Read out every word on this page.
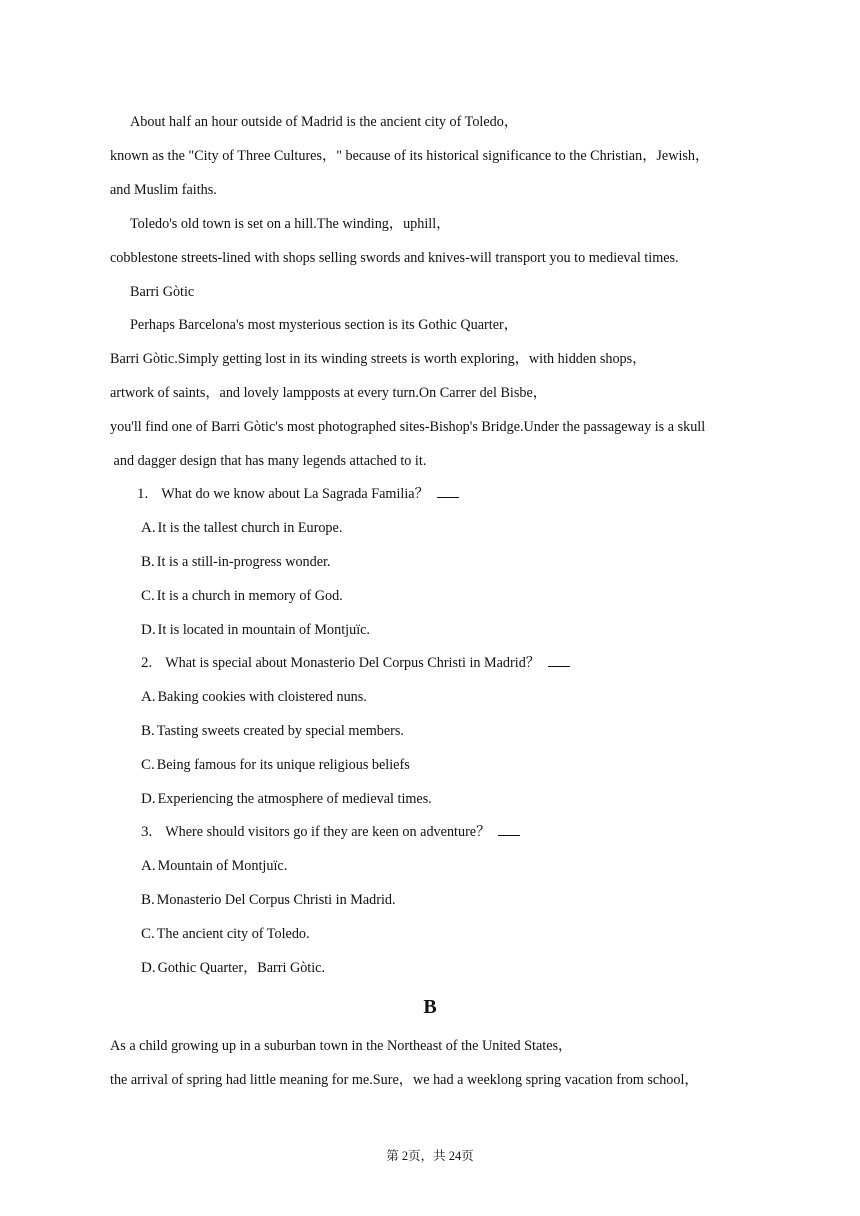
About half an hour outside of Madrid is the ancient city of Toledo，
known as the "City of Three Cultures，" because of its historical significance to the Christian，Jewish，
and Muslim faiths.
Toledo's old town is set on a hill.The winding，uphill，
cobblestone streets-lined with shops selling swords and knives-will transport you to medieval times.
Barri Gòtic
Perhaps Barcelona's most mysterious section is its Gothic Quarter，
Barri Gòtic.Simply getting lost in its winding streets is worth exploring，with hidden shops，
artwork of saints，and lovely lampposts at every turn.On Carrer del Bisbe，
you'll find one of Barri Gòtic's most photographed sites-Bishop's Bridge.Under the passageway is a skull
and dagger design that has many legends attached to it.
1. What do we know about La Sagrada Familia？
A. It is the tallest church in Europe.
B. It is a still-in-progress wonder.
C. It is a church in memory of God.
D. It is located in mountain of Montjuïc.
2. What is special about Monasterio Del Corpus Christi in Madrid？
A. Baking cookies with cloistered nuns.
B. Tasting sweets created by special members.
C. Being famous for its unique religious beliefs
D. Experiencing the atmosphere of medieval times.
3. Where should visitors go if they are keen on adventure？
A. Mountain of Montjuïc.
B. Monasterio Del Corpus Christi in Madrid.
C. The ancient city of Toledo.
D. Gothic Quarter，Barri Gòtic.
B
As a child growing up in a suburban town in the Northeast of the United States，
the arrival of spring had little meaning for me.Sure，we had a weeklong spring vacation from school，
第 2页，共 24页
